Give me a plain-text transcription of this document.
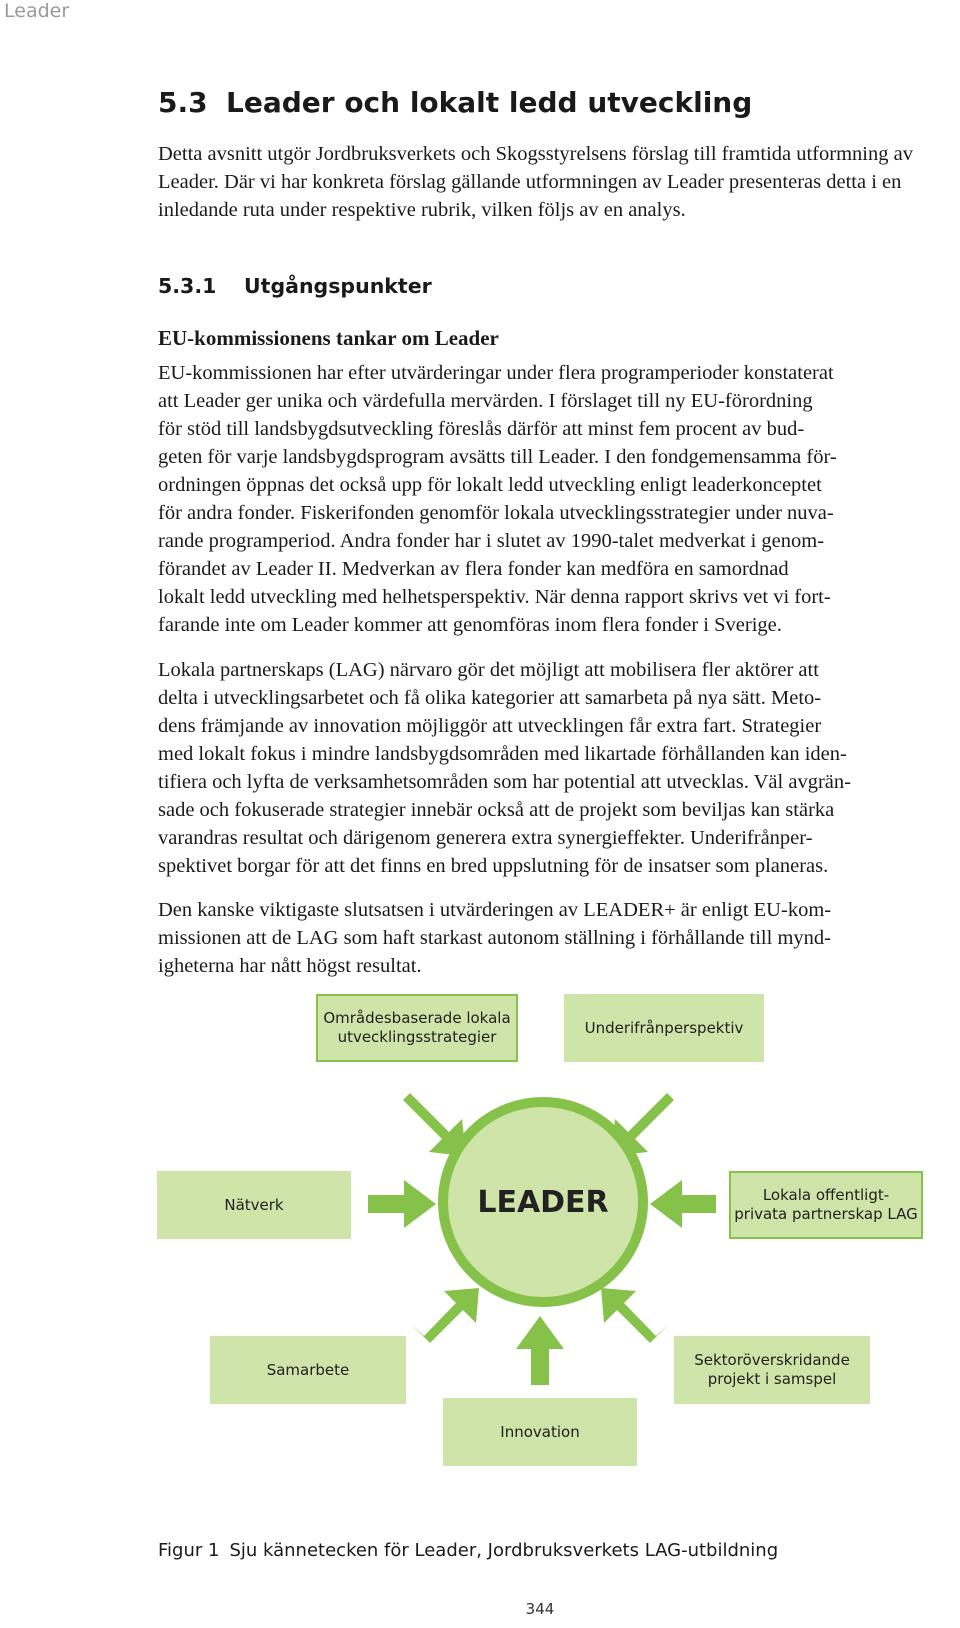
Leader
5.3 Leader och lokalt ledd utveckling

Detta avsnitt utgör Jordbruksverkets och Skogsstyrelsens förslag till framtida utformning av Leader. Där vi har konkreta förslag gällande utformningen av Leader presenteras detta i en inledande ruta under respektive rubrik, vilken följs av en analys.

5.3.1 Utgångspunkter
EU-kommissionens tankar om Leader
EU-kommissionen har efter utvärderingar under flera programperioder konstaterat
att Leader ger unika och värdefulla mervärden. I förslaget till ny EU-förordning
för stöd till landsbygdsutveckling föreslås därför att minst fem procent av bud-
geten för varje landsbygdsprogram avsätts till Leader. I den fondgemensamma för-
ordningen öppnas det också upp för lokalt ledd utveckling enligt leaderkonceptet
för andra fonder. Fiskerifonden genomför lokala utvecklingsstrategier under nuva-
rande programperiod. Andra fonder har i slutet av 1990-talet medverkat i genom-
förandet av Leader II. Medverkan av flera fonder kan medföra en samordnad
lokalt ledd utveckling med helhetsperspektiv. När denna rapport skrivs vet vi fort-
farande inte om Leader kommer att genomföras inom flera fonder i Sverige.
Lokala partnerskaps (LAG) närvaro gör det möjligt att mobilisera fler aktörer att
delta i utvecklingsarbetet och få olika kategorier att samarbeta på nya sätt. Meto-
dens främjande av innovation möjliggör att utvecklingen får extra fart. Strategier
med lokalt fokus i mindre landsbygdsområden med likartade förhållanden kan iden-
tifiera och lyfta de verksamhetsområden som har potential att utvecklas. Väl avgrän-
sade och fokuserade strategier innebär också att de projekt som beviljas kan stärka
varandras resultat och därigenom generera extra synergieffekter. Underifrånper-
spektivet borgar för att det finns en bred uppslutning för de insatser som planeras.
Den kanske viktigaste slutsatsen i utvärderingen av LEADER+ är enligt EU-kom-
missionen att de LAG som haft starkast autonom ställning i förhållande till mynd-
igheterna har nått högst resultat.
LEADER
Områdesbaserade lokala
utvecklingsstrategier
Underifrånperspektiv
Nätverk
Lokala offentligt-
privata partnerskap LAG
Samarbete
Sektoröverskridande
projekt i samspel
Innovation

Figur 1 Sju kännetecken för Leader, Jordbruksverkets LAG-utbildning

344
